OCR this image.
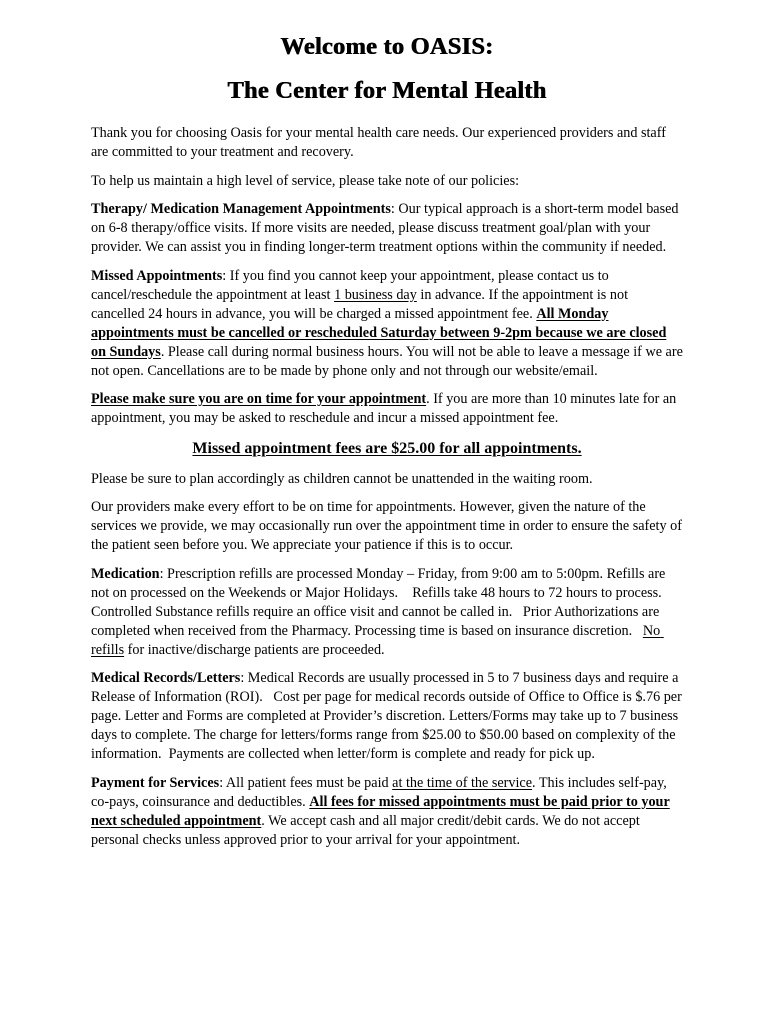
Welcome to OASIS:
The Center for Mental Health

Thank you for choosing Oasis for your mental health care needs. Our experienced providers and staff are committed to your treatment and recovery.

To help us maintain a high level of service, please take note of our policies:

Therapy/ Medication Management Appointments: Our typical approach is a short-term model based on 6-8 therapy/office visits. If more visits are needed, please discuss treatment goal/plan with your provider. We can assist you in finding longer-term treatment options within the community if needed.

Missed Appointments: If you find you cannot keep your appointment, please contact us to cancel/reschedule the appointment at least 1 business day in advance. If the appointment is not cancelled 24 hours in advance, you will be charged a missed appointment fee. All Monday appointments must be cancelled or rescheduled Saturday between 9-2pm because we are closed on Sundays. Please call during normal business hours. You will not be able to leave a message if we are not open. Cancellations are to be made by phone only and not through our website/email.

Please make sure you are on time for your appointment. If you are more than 10 minutes late for an appointment, you may be asked to reschedule and incur a missed appointment fee.

Missed appointment fees are $25.00 for all appointments.

Please be sure to plan accordingly as children cannot be unattended in the waiting room.

Our providers make every effort to be on time for appointments. However, given the nature of the services we provide, we may occasionally run over the appointment time in order to ensure the safety of the patient seen before you. We appreciate your patience if this is to occur.

Medication: Prescription refills are processed Monday – Friday, from 9:00 am to 5:00pm. Refills are not on processed on the Weekends or Major Holidays.    Refills take 48 hours to 72 hours to process.  Controlled Substance refills require an office visit and cannot be called in.   Prior Authorizations are completed when received from the Pharmacy. Processing time is based on insurance discretion.   No refills for inactive/discharge patients are proceeded.

Medical Records/Letters: Medical Records are usually processed in 5 to 7 business days and require a Release of Information (ROI).   Cost per page for medical records outside of Office to Office is $.76 per page. Letter and Forms are completed at Provider’s discretion. Letters/Forms may take up to 7 business days to complete. The charge for letters/forms range from $25.00 to $50.00 based on complexity of the information.  Payments are collected when letter/form is complete and ready for pick up.

Payment for Services: All patient fees must be paid at the time of the service. This includes self-pay, co-pays, coinsurance and deductibles. All fees for missed appointments must be paid prior to your next scheduled appointment. We accept cash and all major credit/debit cards. We do not accept personal checks unless approved prior to your arrival for your appointment.
